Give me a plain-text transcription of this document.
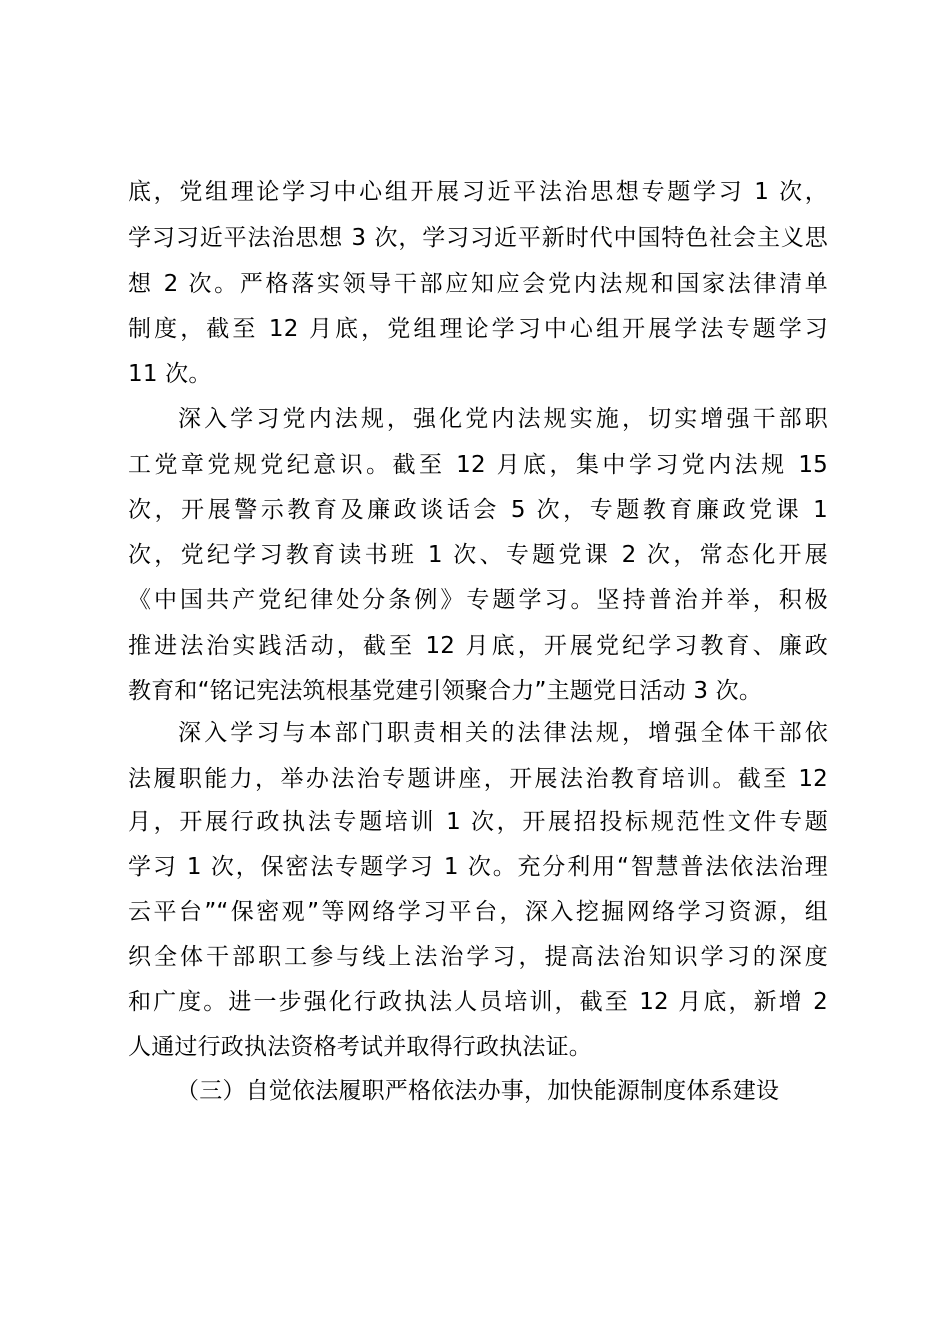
底，党组理论学习中心组开展习近平法治思想专题学习 1 次，
学习习近平法治思想 3 次，学习习近平新时代中国特色社会主义思
想 2 次。严格落实领导干部应知应会党内法规和国家法律清单
制度，截至 12 月底，党组理论学习中心组开展学法专题学习
11 次。
深入学习党内法规，强化党内法规实施，切实增强干部职
工党章党规党纪意识。截至 12 月底，集中学习党内法规 15
次，开展警示教育及廉政谈话会 5 次，专题教育廉政党课 1
次，党纪学习教育读书班 1 次、专题党课 2 次，常态化开展
《中国共产党纪律处分条例》专题学习。坚持普治并举，积极
推进法治实践活动，截至 12 月底，开展党纪学习教育、廉政
教育和“铭记宪法筑根基党建引领聚合力”主题党日活动 3 次。
深入学习与本部门职责相关的法律法规，增强全体干部依
法履职能力，举办法治专题讲座，开展法治教育培训。截至 12
月，开展行政执法专题培训 1 次，开展招投标规范性文件专题
学习 1 次，保密法专题学习 1 次。充分利用“智慧普法依法治理
云平台”“保密观”等网络学习平台，深入挖掘网络学习资源，组
织全体干部职工参与线上法治学习，提高法治知识学习的深度
和广度。进一步强化行政执法人员培训，截至 12 月底，新增 2
人通过行政执法资格考试并取得行政执法证。
（三）自觉依法履职严格依法办事，加快能源制度体系建设
